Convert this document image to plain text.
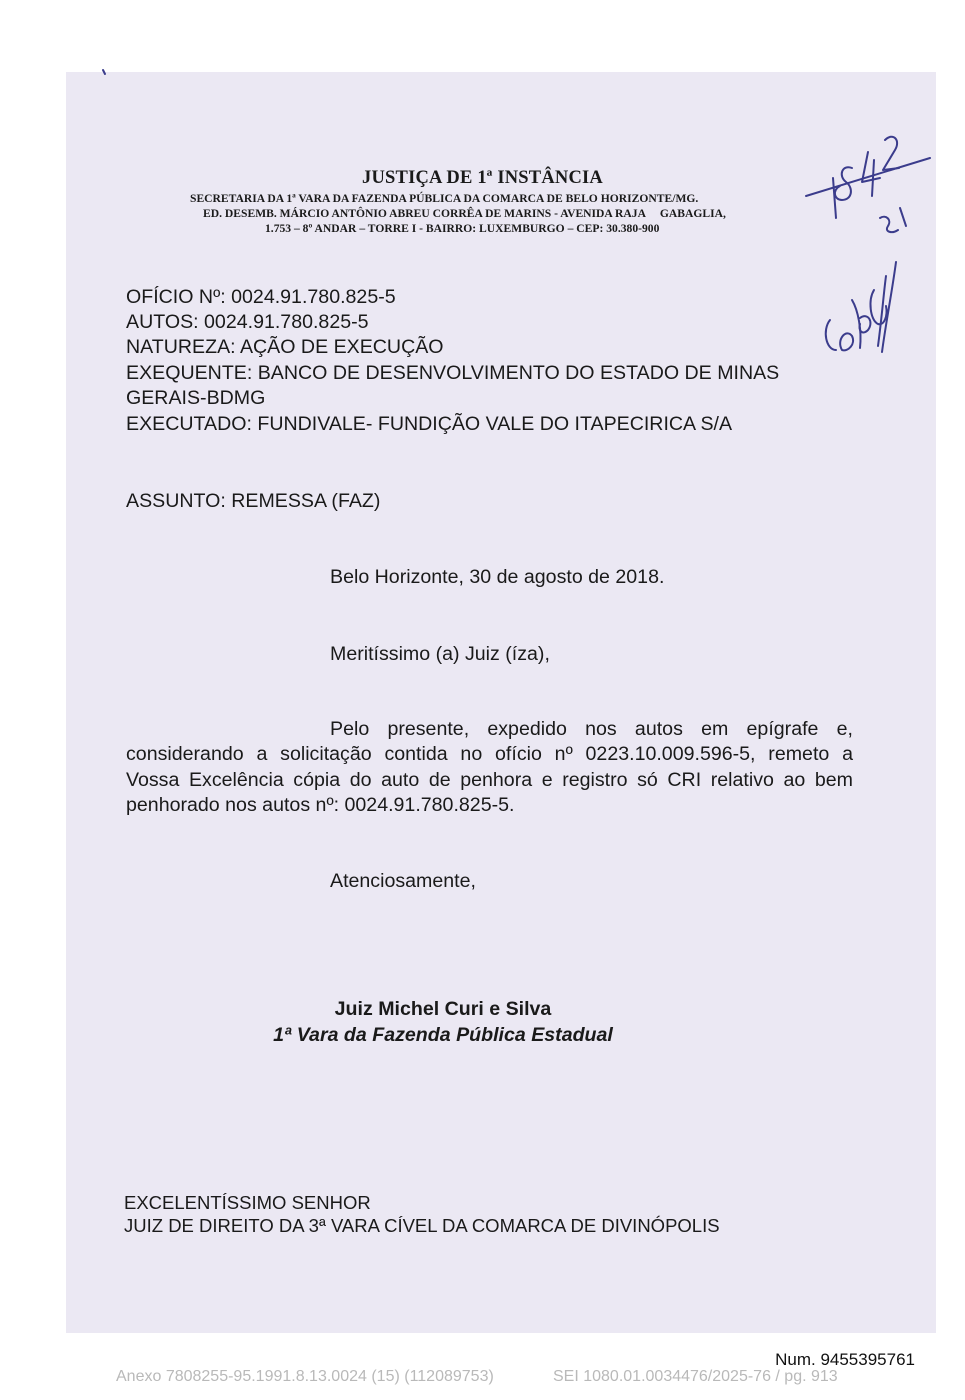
JUSTIÇA DE 1ª INSTÂNCIA
SECRETARIA DA 1ª VARA DA FAZENDA PÚBLICA DA COMARCA DE BELO HORIZONTE/MG.
ED. DESEMB. MÁRCIO ANTÔNIO ABREU CORRÊA DE MARINS - AVENIDA RAJA     GABAGLIA,
1.753 – 8º ANDAR – TORRE I - BAIRRO: LUXEMBURGO – CEP: 30.380-900
OFÍCIO Nº: 0024.91.780.825-5
AUTOS: 0024.91.780.825-5
NATUREZA: AÇÃO DE EXECUÇÃO
EXEQUENTE: BANCO DE DESENVOLVIMENTO DO ESTADO DE MINAS
GERAIS-BDMG
EXECUTADO: FUNDIVALE- FUNDIÇÃO VALE DO ITAPECIRICA S/A
ASSUNTO: REMESSA (FAZ)
Belo Horizonte, 30 de agosto de 2018.
Meritíssimo (a) Juiz (íza),
Pelo presente, expedido nos autos em epígrafe e,
considerando a solicitação contida no ofício nº 0223.10.009.596-5, remeto a
Vossa Excelência cópia do auto de penhora e registro só CRI relativo ao bem
penhorado nos autos nº: 0024.91.780.825-5.
Atenciosamente,
Juiz Michel Curi e Silva
1ª Vara da Fazenda Pública Estadual
EXCELENTÍSSIMO SENHOR
JUIZ DE DIREITO DA 3ª VARA CÍVEL DA COMARCA DE DIVINÓPOLIS
Num. 9455395761
Anexo 7808255-95.1991.8.13.0024 (15) (112089753)	SEI 1080.01.0034476/2025-76 / pg. 913
